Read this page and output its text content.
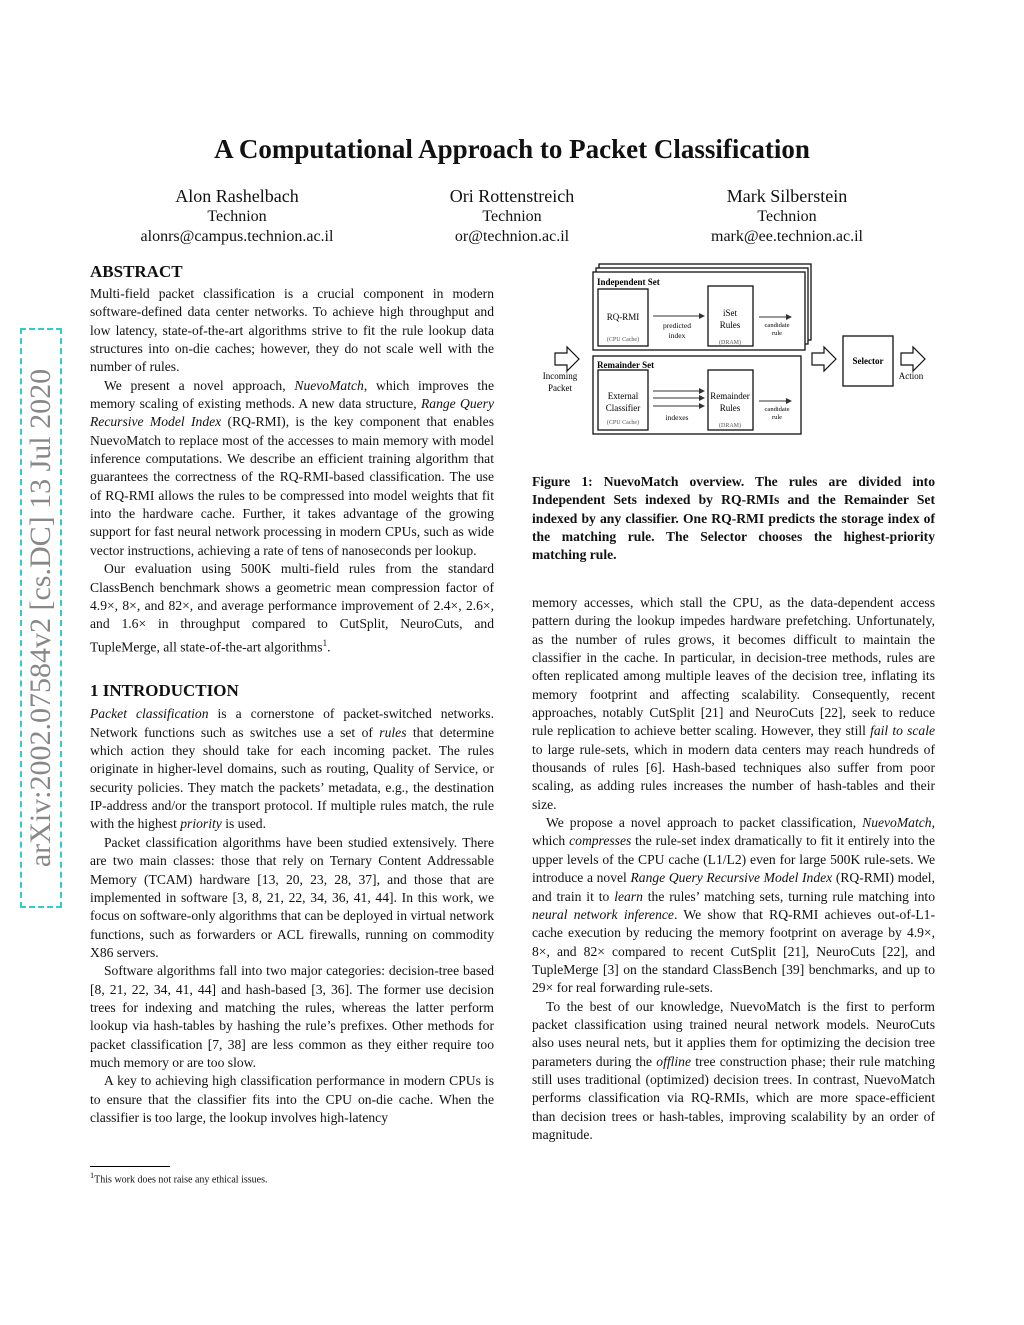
arXiv:2002.07584v2 [cs.DC] 13 Jul 2020
A Computational Approach to Packet Classification
Alon Rashelbach
Technion
alonrs@campus.technion.ac.il
Ori Rottenstreich
Technion
or@technion.ac.il
Mark Silberstein
Technion
mark@ee.technion.ac.il
ABSTRACT

Multi-field packet classification is a crucial component in modern software-defined data center networks. To achieve high throughput and low latency, state-of-the-art algorithms strive to fit the rule lookup data structures into on-die caches; however, they do not scale well with the number of rules.

We present a novel approach, NuevoMatch, which improves the memory scaling of existing methods. A new data structure, Range Query Recursive Model Index (RQ-RMI), is the key component that enables NuevoMatch to replace most of the accesses to main memory with model inference computations. We describe an efficient training algorithm that guarantees the correctness of the RQ-RMI-based classification. The use of RQ-RMI allows the rules to be compressed into model weights that fit into the hardware cache. Further, it takes advantage of the growing support for fast neural network processing in modern CPUs, such as wide vector instructions, achieving a rate of tens of nanoseconds per lookup.

Our evaluation using 500K multi-field rules from the standard ClassBench benchmark shows a geometric mean compression factor of 4.9×, 8×, and 82×, and average performance improvement of 2.4×, 2.6×, and 1.6× in throughput compared to CutSplit, NeuroCuts, and TupleMerge, all state-of-the-art algorithms$^1$.

1 INTRODUCTION

Packet classification is a cornerstone of packet-switched networks. Network functions such as switches use a set of rules that determine which action they should take for each incoming packet. The rules originate in higher-level domains, such as routing, Quality of Service, or security policies. They match the packets’ metadata, e.g., the destination IP-address and/or the transport protocol. If multiple rules match, the rule with the highest priority is used.

Packet classification algorithms have been studied extensively. There are two main classes: those that rely on Ternary Content Addressable Memory (TCAM) hardware [13, 20, 23, 28, 37], and those that are implemented in software [3, 8, 21, 22, 34, 36, 41, 44]. In this work, we focus on software-only algorithms that can be deployed in virtual network functions, such as forwarders or ACL firewalls, running on commodity X86 servers.

Software algorithms fall into two major categories: decision-tree based [8, 21, 22, 34, 41, 44] and hash-based [3, 36]. The former use decision trees for indexing and matching the rules, whereas the latter perform lookup via hash-tables by hashing the rule’s prefixes. Other methods for packet classification [7, 38] are less common as they either require too much memory or are too slow.

A key to achieving high classification performance in modern CPUs is to ensure that the classifier fits into the CPU on-die cache. When the classifier is too large, the lookup involves high-latency

Independent Set
Remainder Set
RQ-RMI	iSet
Rules
External
Classifier
Remainder
Rules
Selector
Incoming
Packet
Action
predicted
index
indexes
(CPU Cache)
(CPU Cache)
(DRAM)
(DRAM)
candidate
rule
candidate
rule
Figure 1: NuevoMatch overview. The rules are divided into Independent Sets indexed by RQ-RMIs and the Remainder Set indexed by any classifier. One RQ-RMI predicts the storage index of the matching rule. The Selector chooses the highest-priority matching rule.

memory accesses, which stall the CPU, as the data-dependent access pattern during the lookup impedes hardware prefetching. Unfortunately, as the number of rules grows, it becomes difficult to maintain the classifier in the cache. In particular, in decision-tree methods, rules are often replicated among multiple leaves of the decision tree, inflating its memory footprint and affecting scalability. Consequently, recent approaches, notably CutSplit [21] and NeuroCuts [22], seek to reduce rule replication to achieve better scaling. However, they still fail to scale to large rule-sets, which in modern data centers may reach hundreds of thousands of rules [6]. Hash-based techniques also suffer from poor scaling, as adding rules increases the number of hash-tables and their size.

We propose a novel approach to packet classification, NuevoMatch, which compresses the rule-set index dramatically to fit it entirely into the upper levels of the CPU cache (L1/L2) even for large 500K rule-sets. We introduce a novel Range Query Recursive Model Index (RQ-RMI) model, and train it to learn the rules’ matching sets, turning rule matching into neural network inference. We show that RQ-RMI achieves out-of-L1-cache execution by reducing the memory footprint on average by 4.9×, 8×, and 82× compared to recent CutSplit [21], NeuroCuts [22], and TupleMerge [3] on the standard ClassBench [39] benchmarks, and up to 29× for real forwarding rule-sets.

To the best of our knowledge, NuevoMatch is the first to perform packet classification using trained neural network models. NeuroCuts also uses neural nets, but it applies them for optimizing the decision tree parameters during the offline tree construction phase; their rule matching still uses traditional (optimized) decision trees. In contrast, NuevoMatch performs classification via RQ-RMIs, which are more space-efficient than decision trees or hash-tables, improving scalability by an order of magnitude.

$^1$This work does not raise any ethical issues.
